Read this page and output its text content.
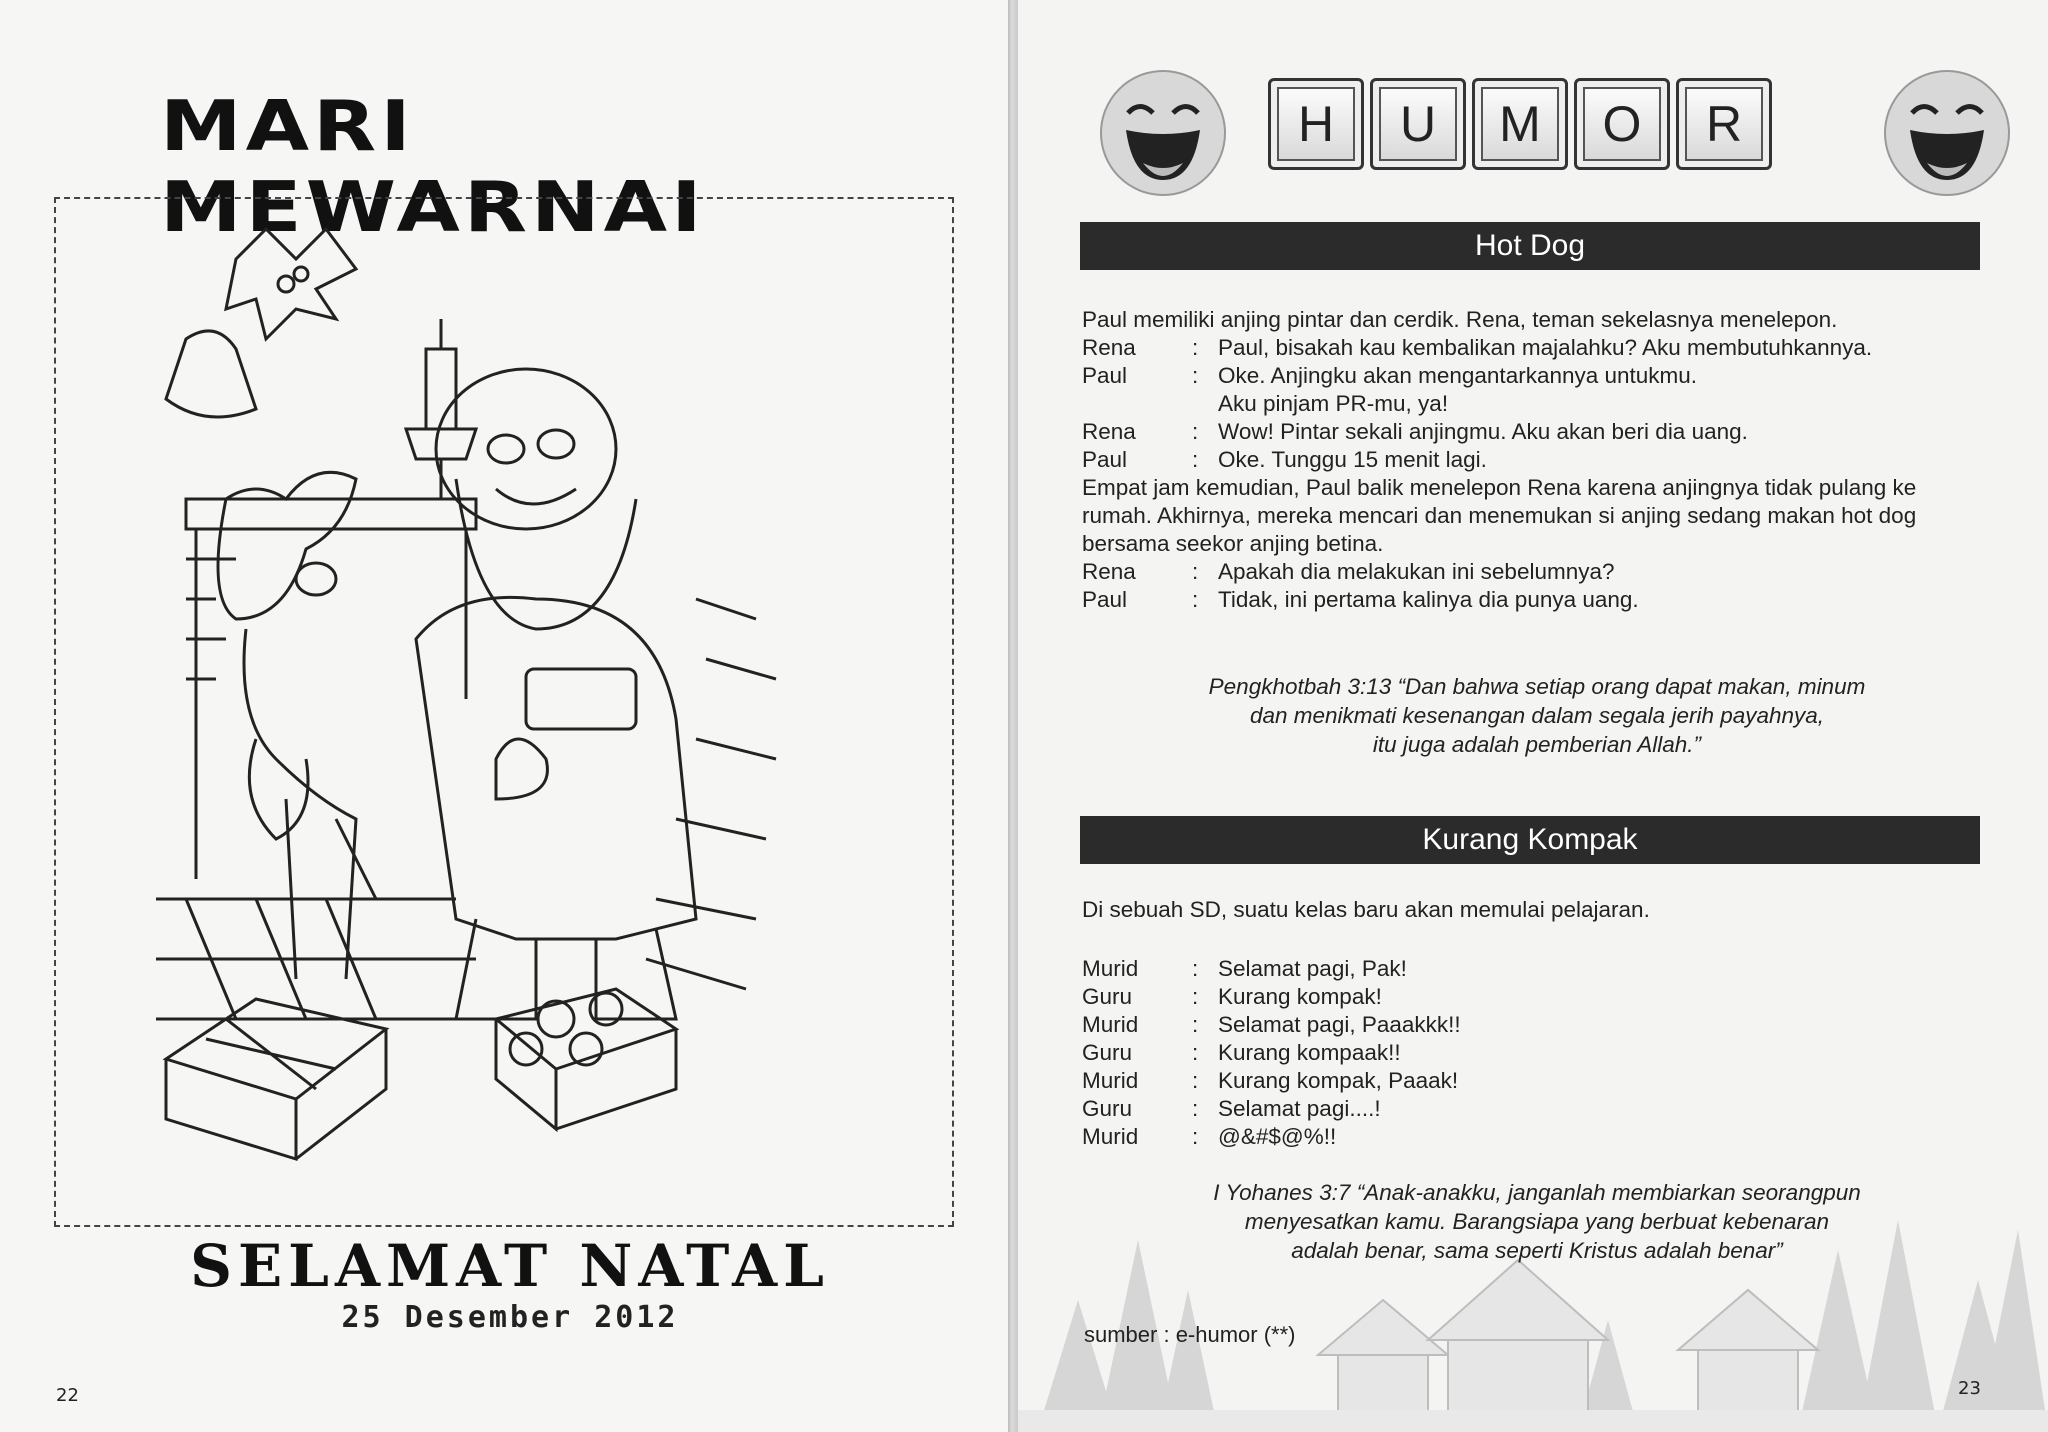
MARI MEWARNAI
SELAMAT NATAL
25 Desember 2012
22
H	U	M	O	R
Hot Dog
Paul memiliki anjing pintar dan cerdik. Rena, teman sekelasnya menelepon.
Rena	: Paul, bisakah kau kembalikan majalahku? Aku membutuhkannya.
Paul	: Oke. Anjingku akan mengantarkannya untukmu.
Aku pinjam PR-mu, ya!
Rena	: Wow! Pintar sekali anjingmu. Aku akan beri dia uang.
Paul	: Oke. Tunggu 15 menit lagi.
Empat jam kemudian, Paul balik menelepon Rena karena anjingnya tidak pulang ke rumah. Akhirnya, mereka mencari dan menemukan si anjing sedang makan hot dog bersama seekor anjing betina.
Rena	: Apakah dia melakukan ini sebelumnya?
Paul	: Tidak, ini pertama kalinya dia punya uang.
Pengkhotbah 3:13 “Dan bahwa setiap orang dapat makan, minum
dan menikmati kesenangan dalam segala jerih payahnya,
itu juga adalah pemberian Allah.”
Kurang Kompak
Di sebuah SD, suatu kelas baru akan memulai pelajaran.
Murid	: Selamat pagi, Pak!
Guru	: Kurang kompak!
Murid	: Selamat pagi, Paaakkk!!
Guru	: Kurang kompaak!!
Murid	: Kurang kompak, Paaak!
Guru	: Selamat pagi....!
Murid	: @&#$@%!!
I Yohanes 3:7 “Anak-anakku, janganlah membiarkan seorangpun
menyesatkan kamu. Barangsiapa yang berbuat kebenaran
adalah benar, sama seperti Kristus adalah benar”
sumber : e-humor (**)
23
